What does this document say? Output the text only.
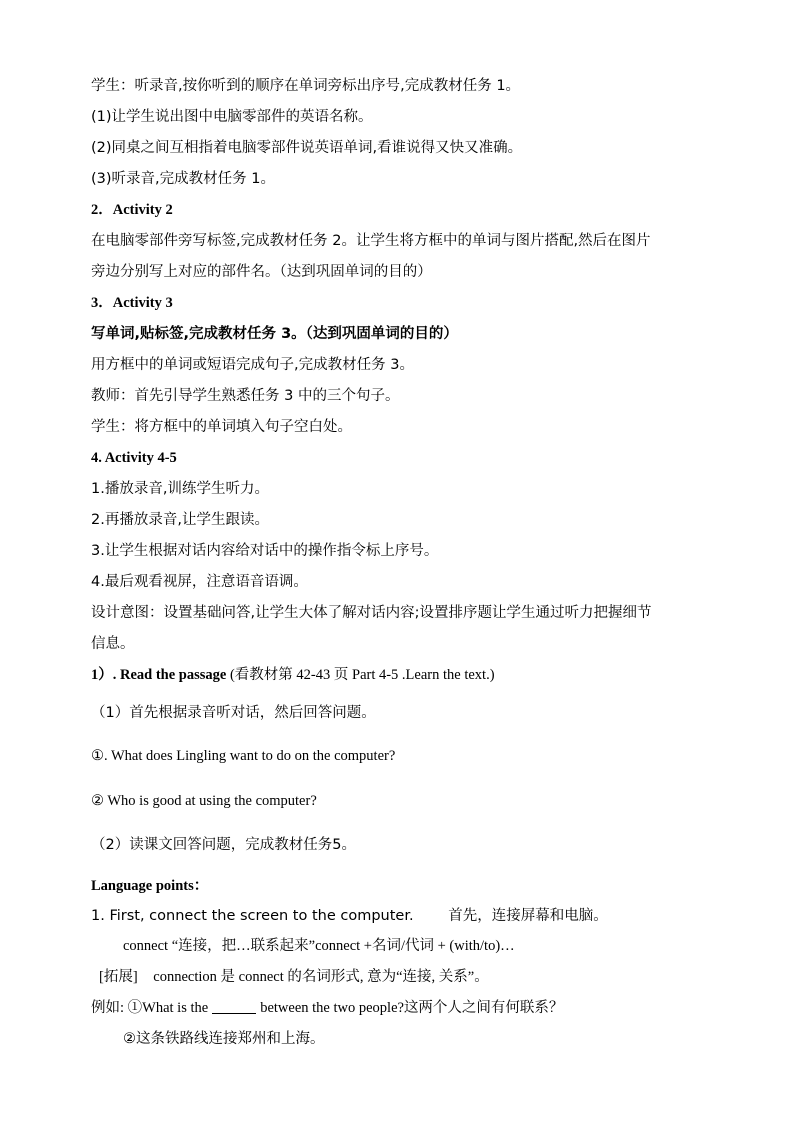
学生：听录音,按你听到的顺序在单词旁标出序号,完成教材任务 1。
(1)让学生说出图中电脑零部件的英语名称。
(2)同桌之间互相指着电脑零部件说英语单词,看谁说得又快又准确。
(3)听录音,完成教材任务 1。
2．Activity 2
在电脑零部件旁写标签,完成教材任务 2。让学生将方框中的单词与图片搭配,然后在图片
旁边分别写上对应的部件名。（达到巩固单词的目的）
3．Activity 3
写单词,贴标签,完成教材任务 3。（达到巩固单词的目的）
用方框中的单词或短语完成句子,完成教材任务 3。
教师：首先引导学生熟悉任务 3 中的三个句子。
学生：将方框中的单词填入句子空白处。
4. Activity 4-5
1.播放录音,训练学生听力。
2.再播放录音,让学生跟读。
3.让学生根据对话内容给对话中的操作指令标上序号。
4.最后观看视屏，注意语音语调。
设计意图：设置基础问答,让学生大体了解对话内容;设置排序题让学生通过听力把握细节
信息。
1）. Read the passage (看教材第 42-43 页 Part 4-5 .Learn the text.)
（1）首先根据录音听对话，然后回答问题。
①. What does Lingling want to do on the computer?
② Who is good at using the computer?
（2）读课文回答问题，完成教材任务5。
Language points：
1. First, connect the screen to the computer. 首先，连接屏幕和电脑。
connect “连接，把…联系起来”connect +名词/代词 + (with/to)…
[拓展] connection 是 connect 的名词形式, 意为“连接, 关系”。
例如: ①What is the	between the two people?这两个人之间有何联系？
②这条铁路线连接郑州和上海。
